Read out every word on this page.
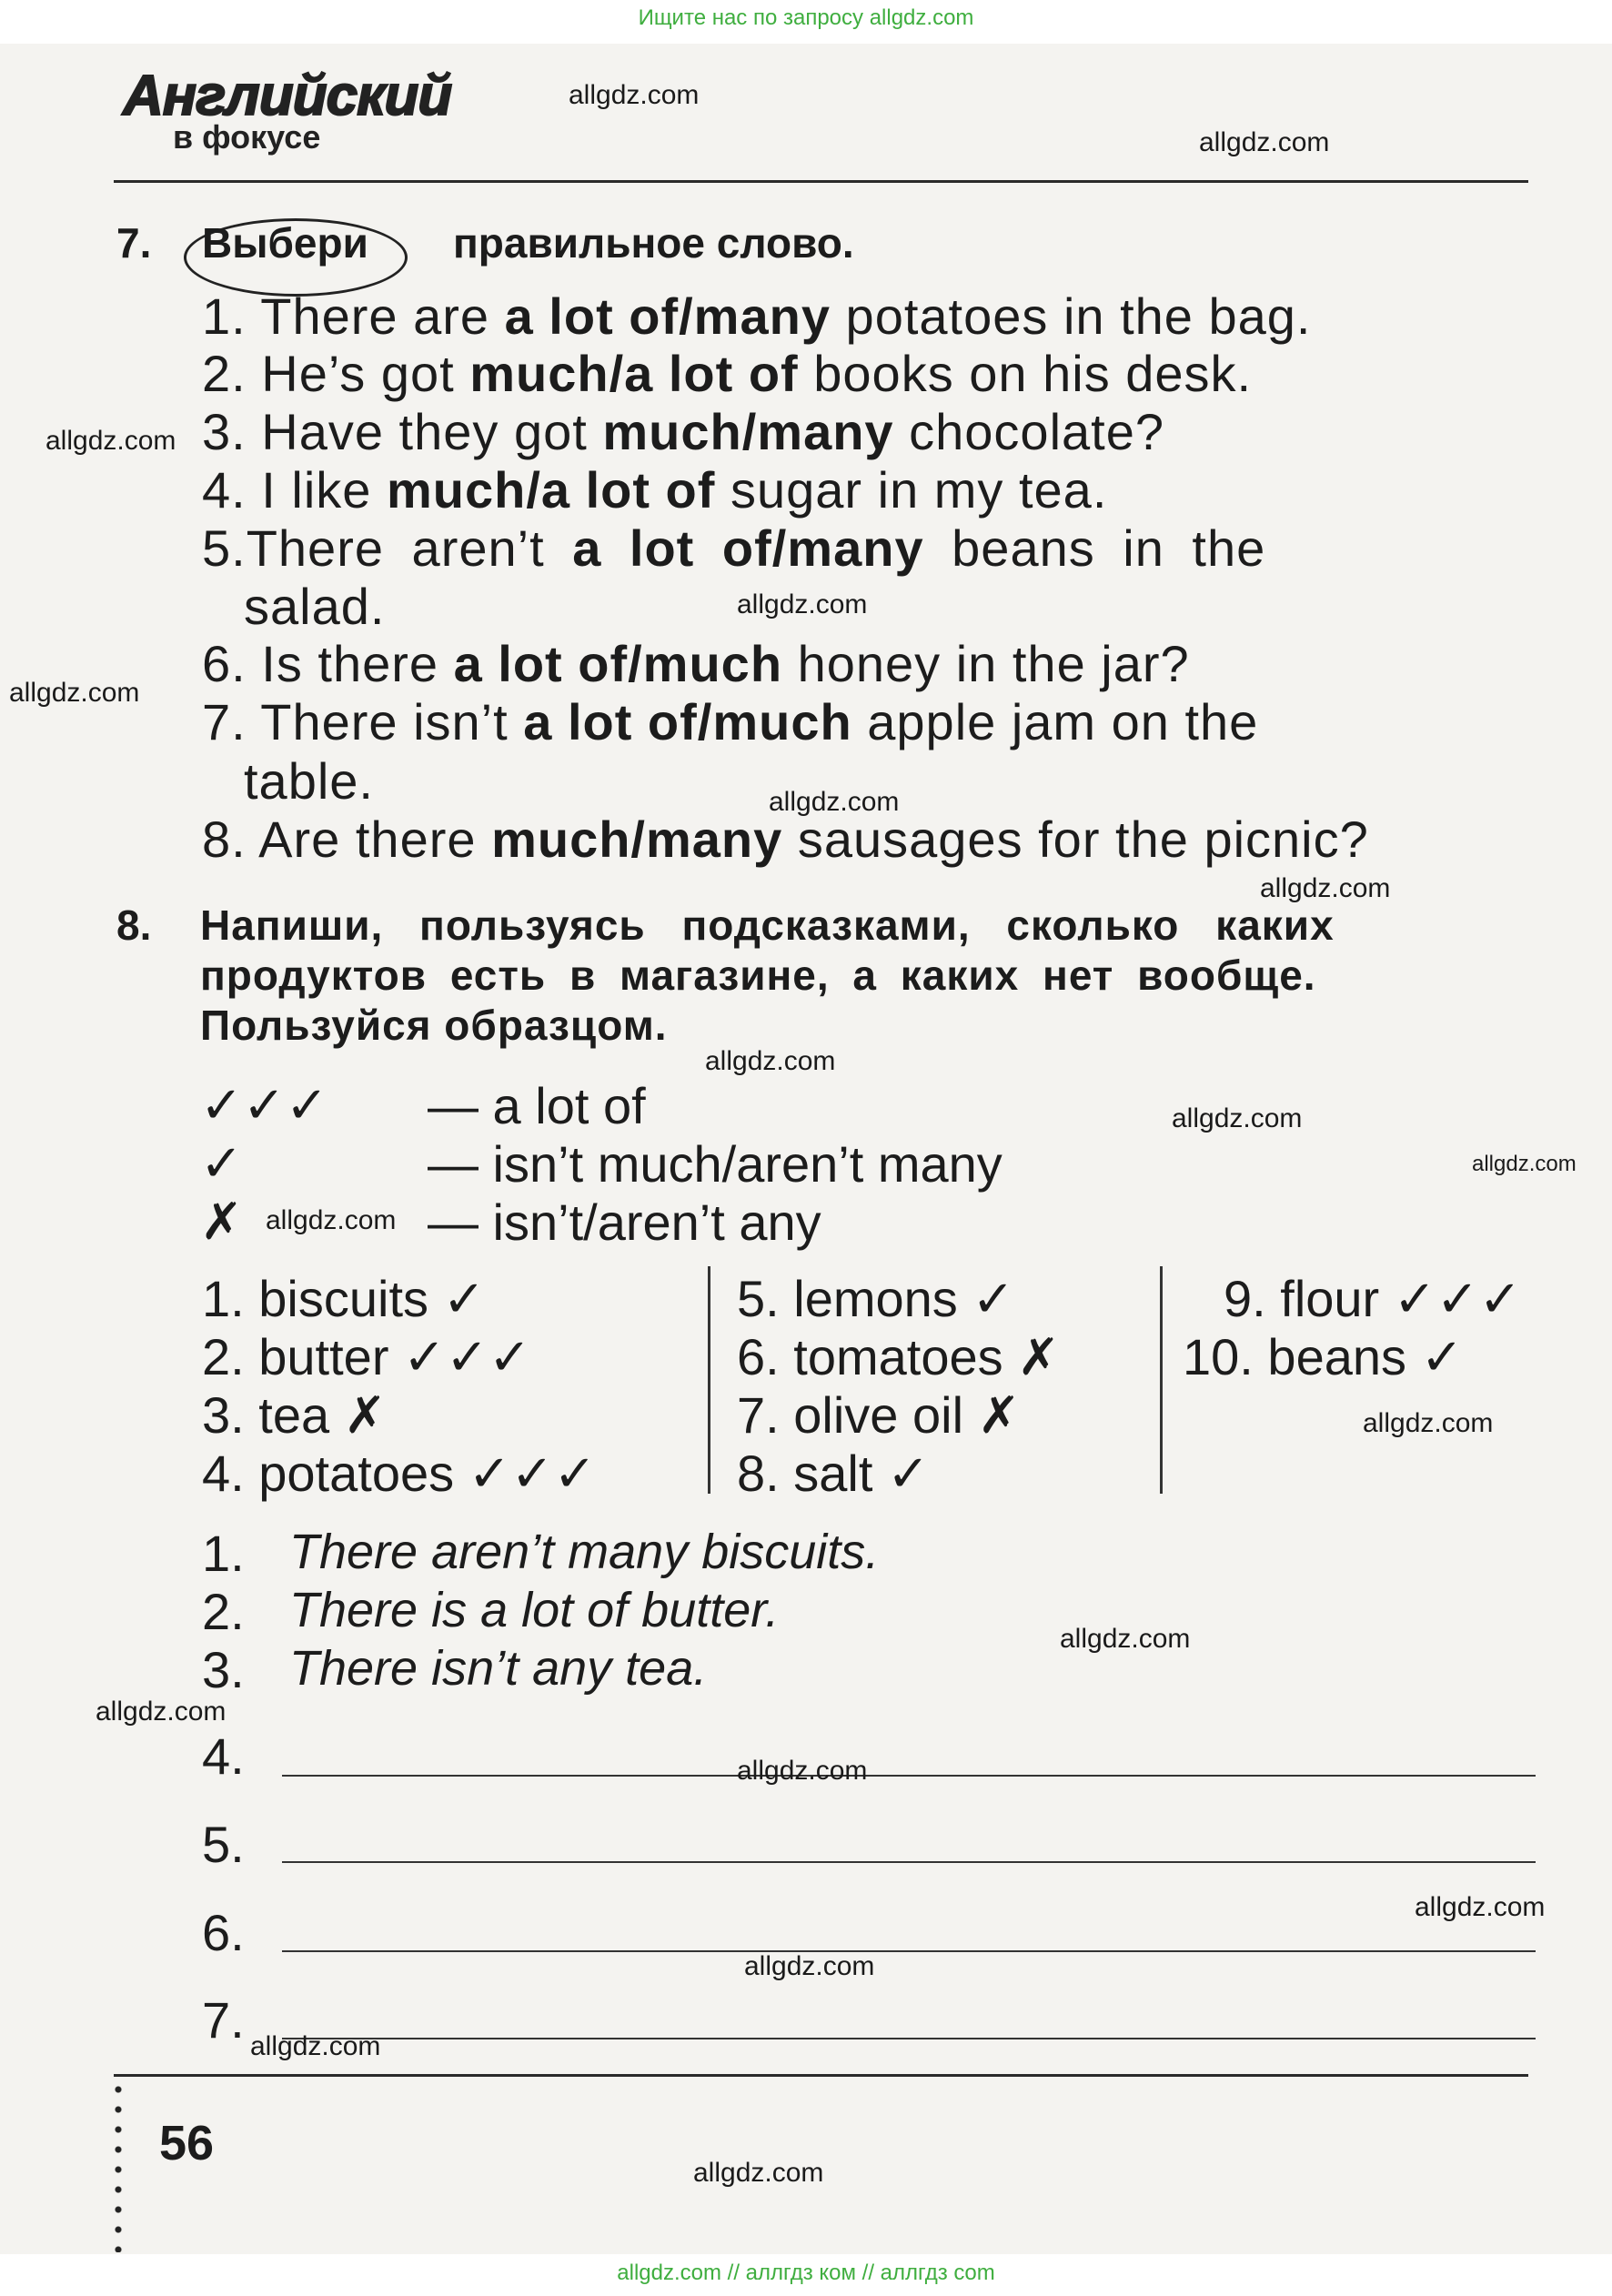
Ищите нас по запросу allgdz.com
Английский
в фокусе
7. Выбери правильное слово.
1. There are a lot of/many potatoes in the bag.
2. He’s got much/a lot of books on his desk.
3. Have they got much/many chocolate?
4. I like much/a lot of sugar in my tea.
5.There aren’t a lot of/many beans in the
salad.
6. Is there a lot of/much honey in the jar?
7. There isn’t a lot of/much apple jam on the
table.
8. Are there much/many sausages for the picnic?
8. Напиши, пользуясь подсказками, сколько каких
продуктов есть в магазине, а каких нет вообще.
Пользуйся образцом.
✓✓✓ — a lot of
✓	— isn’t much/aren’t many
✗	— isn’t/aren’t any
1. biscuits ✓
2. butter ✓✓✓
3. tea ✗
4. potatoes ✓✓✓
5. lemons ✓
6. tomatoes ✗
7. olive oil ✗
8. salt ✓
9. flour ✓✓✓
10. beans ✓
1. There aren’t many biscuits.
2. There is a lot of butter.
3. There isn’t any tea.
4.
5.
6.
7.
56
allgdz.com
allgdz.com
allgdz.com
allgdz.com
allgdz.com
allgdz.com
allgdz.com
allgdz.com
allgdz.com
allgdz.com
allgdz.com
allgdz.com
allgdz.com
allgdz.com
allgdz.com
allgdz.com
allgdz.com
allgdz.com
allgdz.com
allgdz.com // аллгдз ком // аллгдз com
